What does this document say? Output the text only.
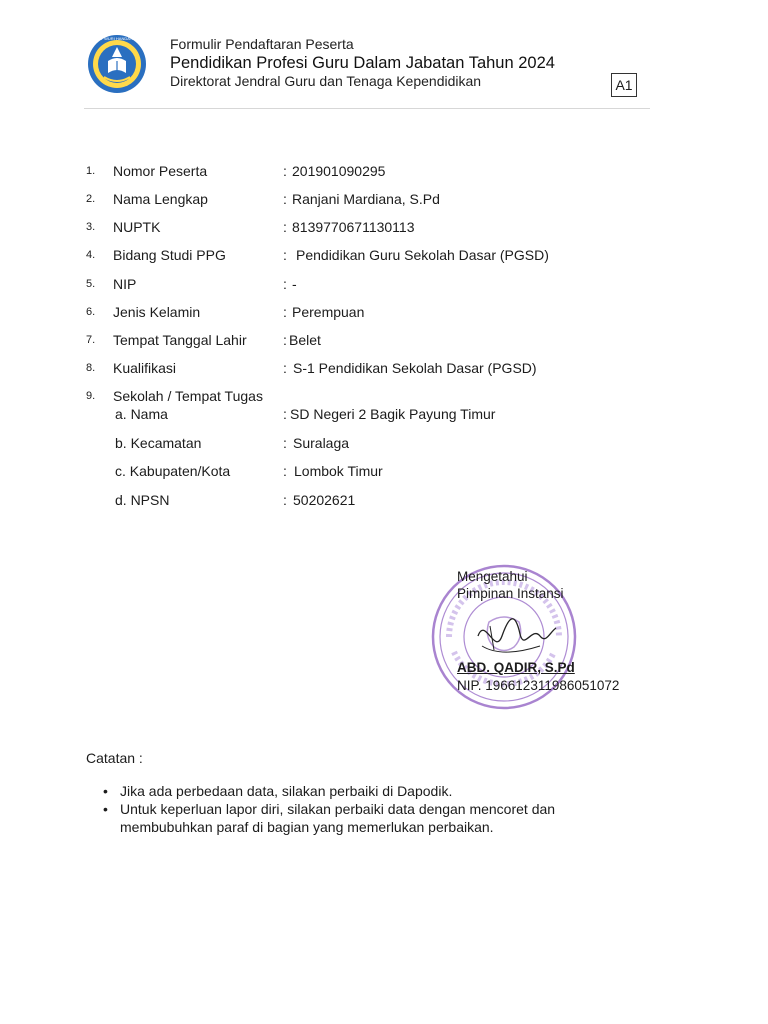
TUT WURI HANDAYANI Formulir Pendaftaran Peserta
Pendidikan Profesi Guru Dalam Jabatan Tahun 2024
Direktorat Jendral Guru dan Tenaga Kependidikan	A1
1.	Nomor Peserta	: 201901090295
2.	Nama Lengkap	: Ranjani Mardiana, S.Pd
3.	NUPTK	: 8139770671130113
4.	Bidang Studi PPG	: Pendidikan Guru Sekolah Dasar (PGSD)
5.	NIP	: -
6.	Jenis Kelamin	: Perempuan
7.	Tempat Tanggal Lahir	: Belet
8.	Kualifikasi	: S-1 Pendidikan Sekolah Dasar (PGSD)
9.	Sekolah / Tempat Tugas
a. Nama	: SD Negeri 2 Bagik Payung Timur
b. Kecamatan	: Suralaga
c. Kabupaten/Kota	: Lombok Timur
d. NPSN	: 50202621
Mengetahui
Pimpinan Instansi
ABD. QADIR, S.Pd
NIP. 196612311986051072
Catatan :
• Jika ada perbedaan data, silakan perbaiki di Dapodik.
• Untuk keperluan lapor diri, silakan perbaiki data dengan mencoret dan membubuhkan paraf di bagian yang memerlukan perbaikan.
